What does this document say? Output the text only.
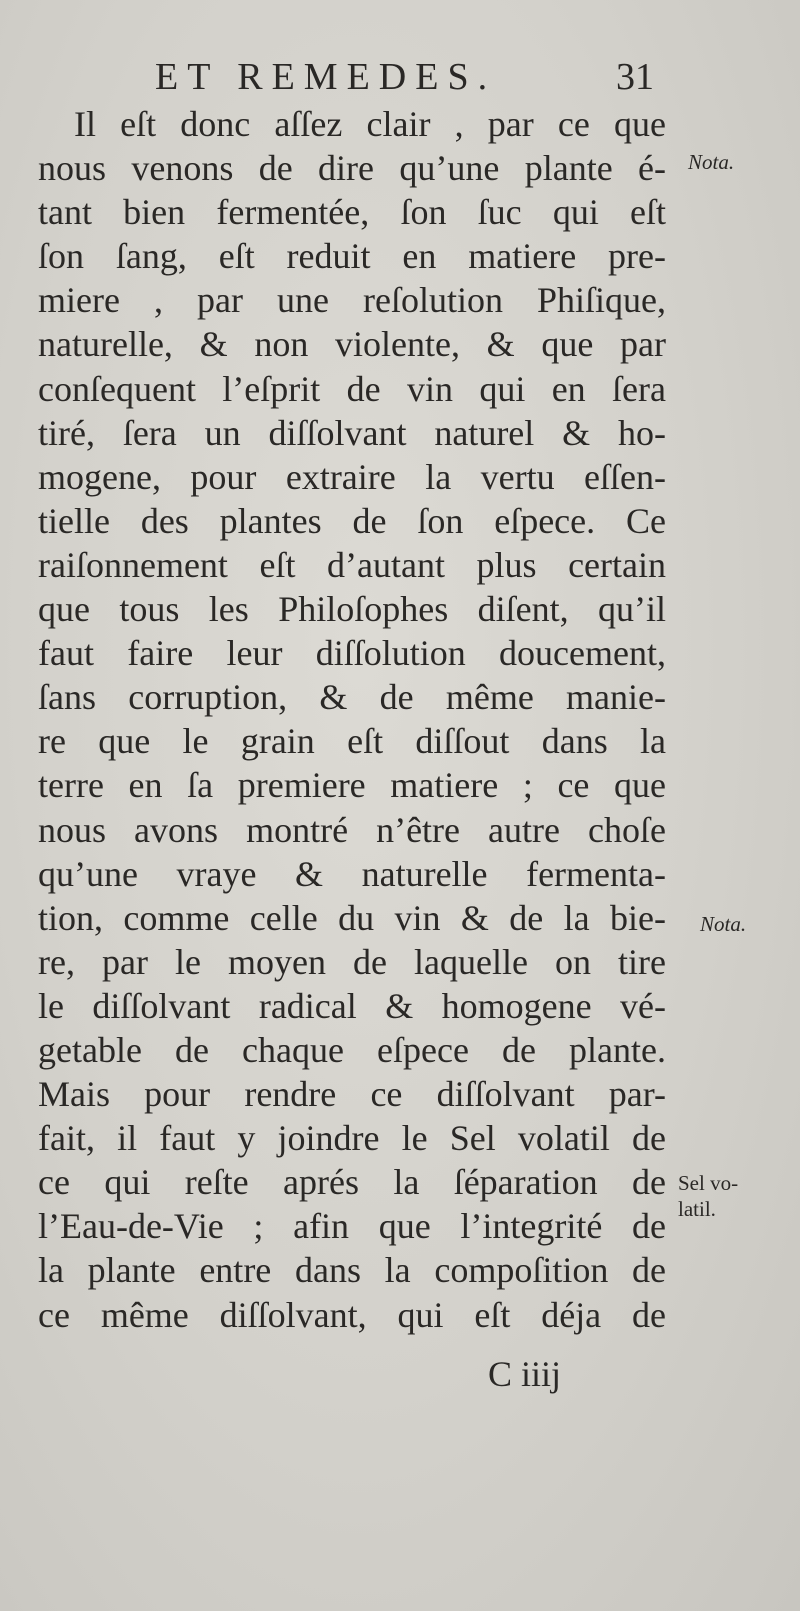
ET REMEDES.	31
Il eſt donc aſſez clair , par ce que
nous venons de dire qu’une plante é-
tant bien fermentée, ſon ſuc qui eſt
ſon ſang, eſt reduit en matiere pre-
miere , par une reſolution Phiſique,
naturelle, & non violente, & que par
conſequent l’eſprit de vin qui en ſera
tiré, ſera un diſſolvant naturel & ho-
mogene, pour extraire la vertu eſſen-
tielle des plantes de ſon eſpece. Ce
raiſonnement eſt d’autant plus certain
que tous les Philoſophes diſent, qu’il
faut faire leur diſſolution doucement,
ſans corruption, & de même manie-
re que le grain eſt diſſout dans la
terre en ſa premiere matiere ; ce que
nous avons montré n’être autre choſe
qu’une vraye & naturelle fermenta-
tion, comme celle du vin & de la bie-
re, par le moyen de laquelle on tire
le diſſolvant radical & homogene vé-
getable de chaque eſpece de plante.
Mais pour rendre ce diſſolvant par-
fait, il faut y joindre le Sel volatil de
ce qui reſte aprés la ſéparation de
l’Eau-de-Vie ; afin que l’integrité de
la plante entre dans la compoſition de
ce même diſſolvant, qui eſt déja de
Nota.
Nota.
Sel vo-
latil.
C iiij
